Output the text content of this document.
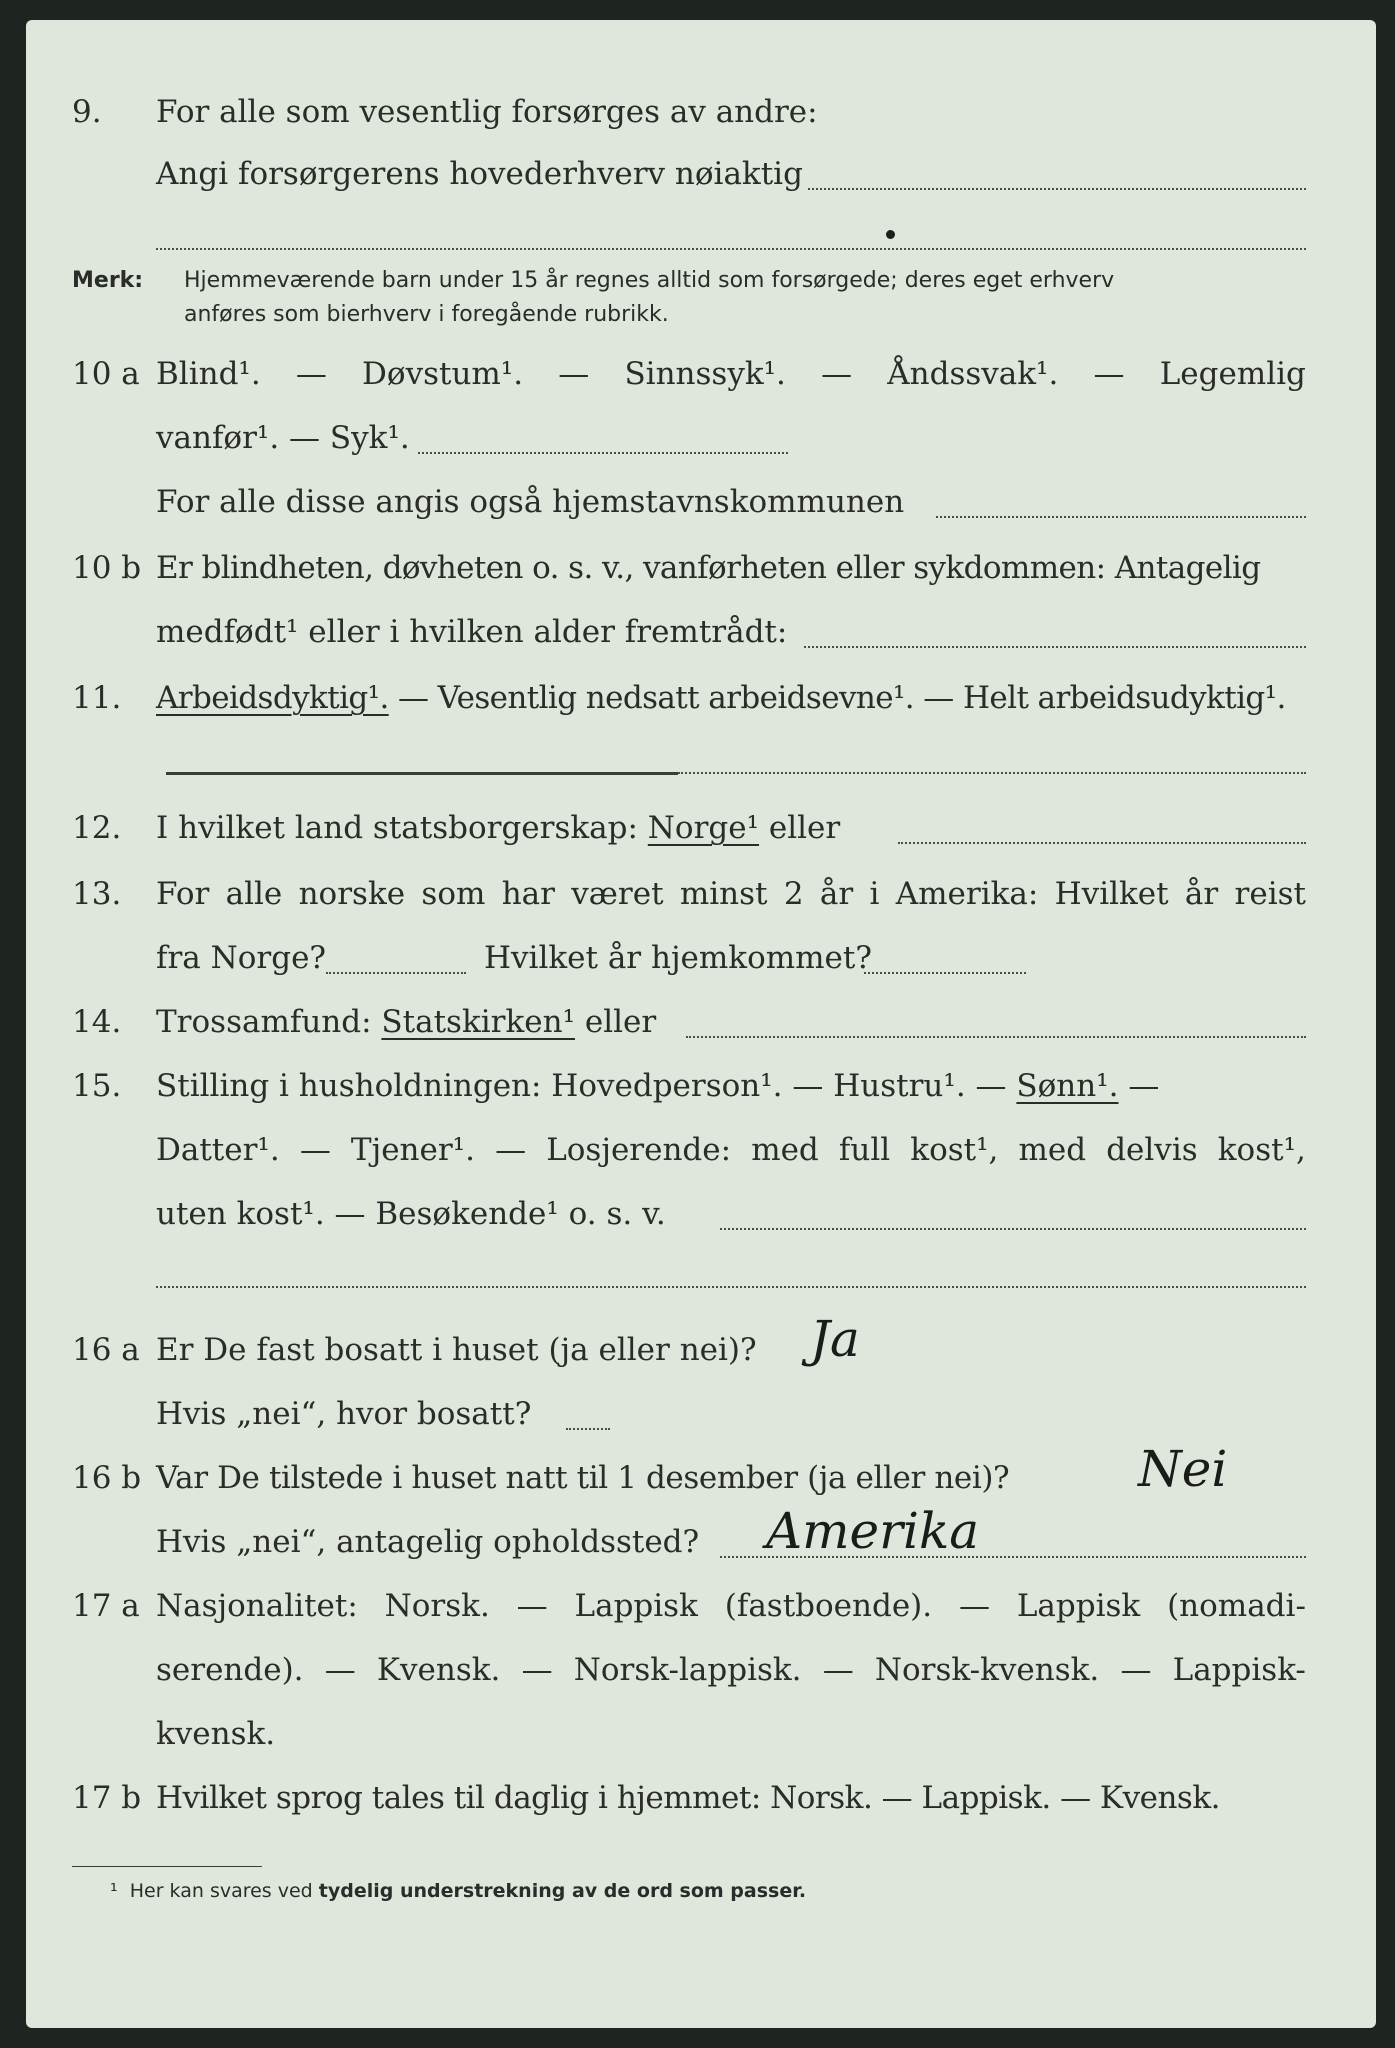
9. For alle som vesentlig forsørges av andre:
Angi forsørgerens hovederhverv nøiaktig
Merk: Hjemmeværende barn under 15 år regnes alltid som forsørgede; deres eget erhverv
anføres som bierhverv i foregående rubrikk.
10 a Blind¹. — Døvstum¹. — Sinnssyk¹. — Åndssvak¹. — Legemlig
vanfør¹. — Syk¹.
For alle disse angis også hjemstavnskommunen
10 b Er blindheten, døvheten o. s. v., vanførheten eller sykdommen: Antagelig
medfødt¹ eller i hvilken alder fremtrådt:
11. Arbeidsdyktig¹. — Vesentlig nedsatt arbeidsevne¹. — Helt arbeidsudyktig¹.
12. I hvilket land statsborgerskap: Norge¹ eller
13. For alle norske som har været minst 2 år i Amerika: Hvilket år reist
fra Norge?	Hvilket år hjemkommet?
14. Trossamfund: Statskirken¹ eller
15. Stilling i husholdningen: Hovedperson¹. — Hustru¹. — Sønn¹. —
Datter¹. — Tjener¹. — Losjerende: med full kost¹, med delvis kost¹,
uten kost¹. — Besøkende¹ o. s. v.
16 a Er De fast bosatt i huset (ja eller nei)? Ja
Hvis „nei“, hvor bosatt?
16 b Var De tilstede i huset natt til 1 desember (ja eller nei)?	Nei
Hvis „nei“, antagelig opholdssted? Amerika
17 a Nasjonalitet: Norsk. — Lappisk (fastboende). — Lappisk (nomadi-
serende). — Kvensk. — Norsk-lappisk. — Norsk-kvensk. — Lappisk-
kvensk.
17 b Hvilket sprog tales til daglig i hjemmet: Norsk. — Lappisk. — Kvensk.
¹ Her kan svares ved tydelig understrekning av de ord som passer.
